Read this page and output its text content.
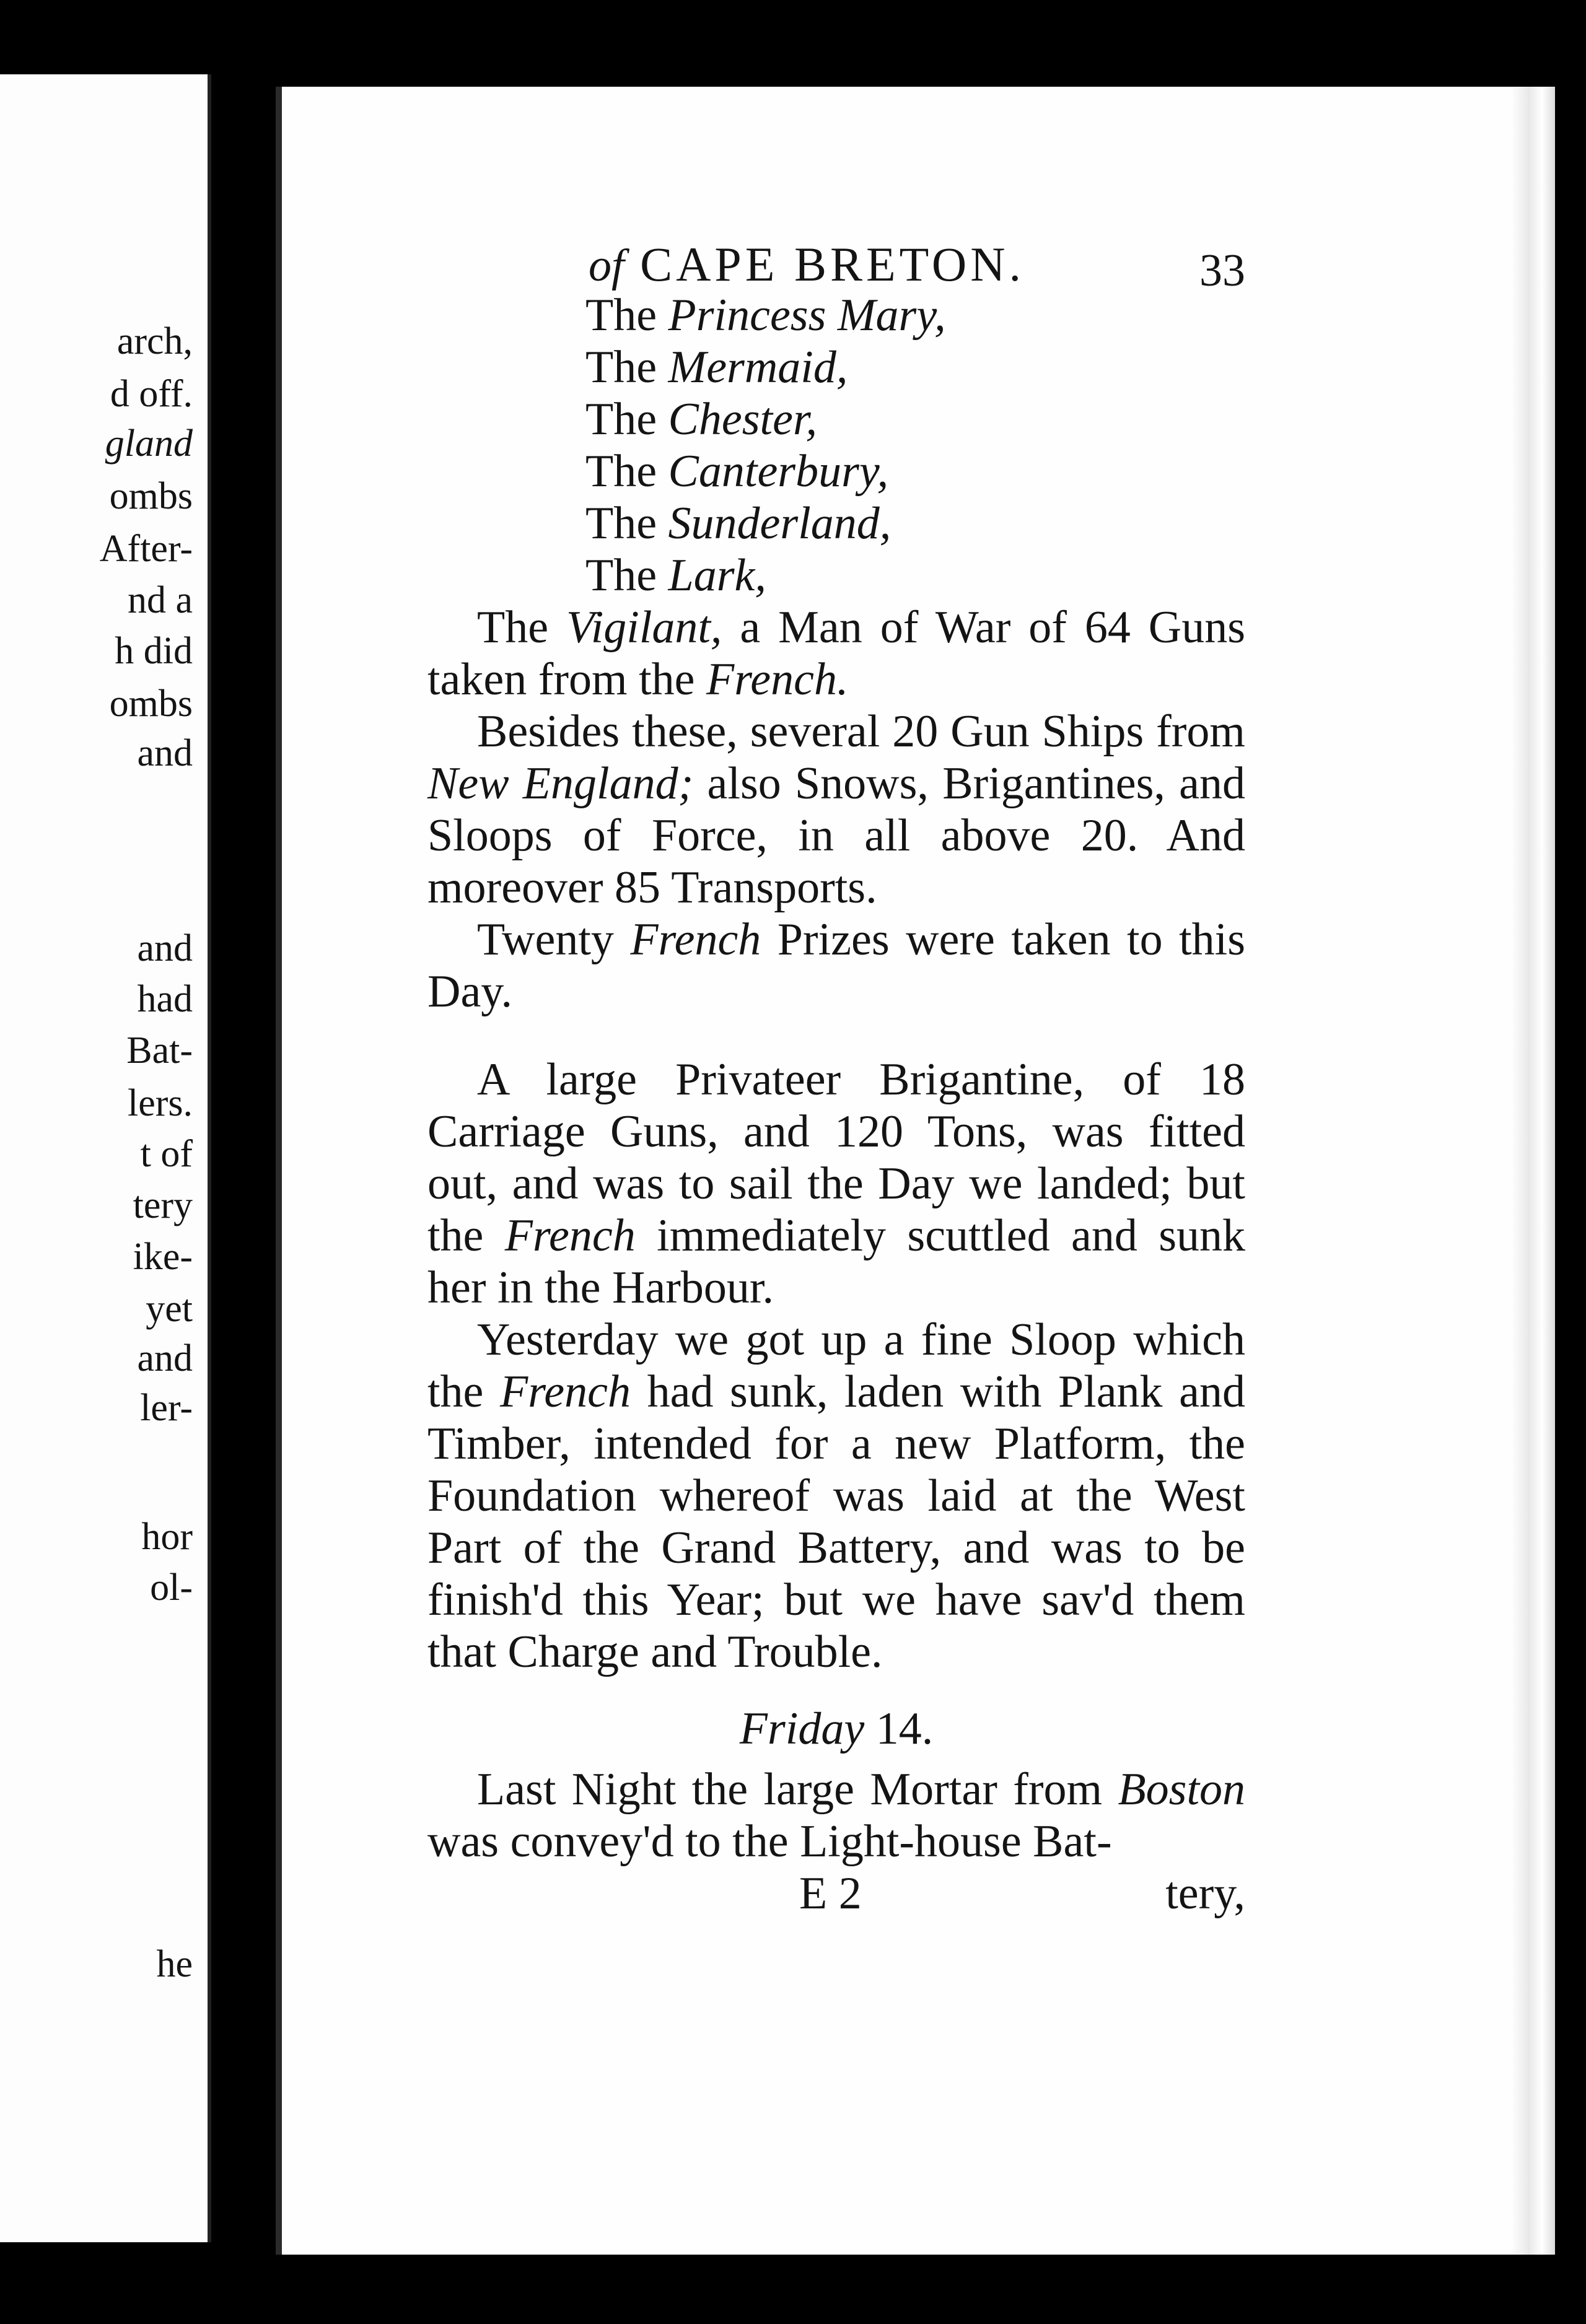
arch,
d off.
gland
ombs
After-
nd a
h did
ombs
and
and
had
Bat-
lers.
t of
tery
ike-
yet
and
ler-
hor
ol-
he
of CAPE BRETON.	33
The Princess Mary,
The Mermaid,
The Chester,
The Canterbury,
The Sunderland,
The Lark,

The Vigilant, a Man of War of 64 Guns taken from the French.

Besides these, several 20 Gun Ships from New England; also Snows, Brigantines, and Sloops of Force, in all above 20. And moreover 85 Transports.

Twenty French Prizes were taken to this Day.

A large Privateer Brigantine, of 18 Carriage Guns, and 120 Tons, was fitted out, and was to sail the Day we landed; but the French immediately scuttled and sunk her in the Harbour.

Yesterday we got up a fine Sloop which the French had sunk, laden with Plank and Timber, intended for a new Platform, the Foundation whereof was laid at the West Part of the Grand Battery, and was to be finish'd this Year; but we have sav'd them that Charge and Trouble.

Friday 14.

Last Night the large Mortar from Boston was convey'd to the Light-house Bat-

E 2	tery,
